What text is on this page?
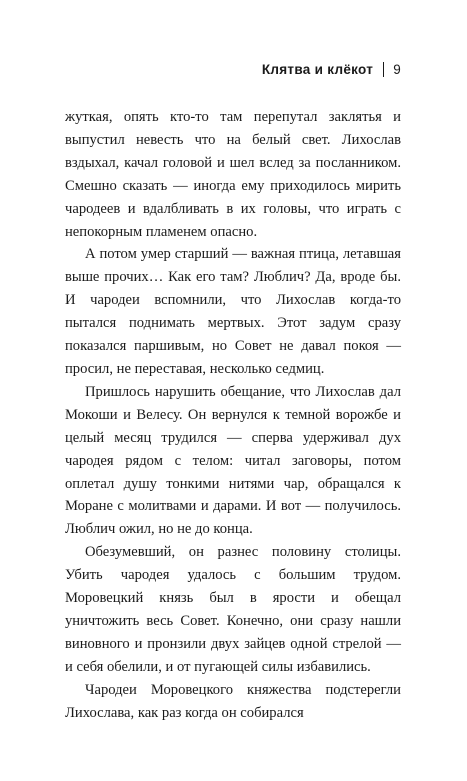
Клятва и клёкот 9

жуткая, опять кто-то там перепутал заклятья и выпустил невесть что на белый свет. Лихослав вздыхал, качал головой и шел вслед за посланником. Смешно сказать — иногда ему приходилось мирить чародеев и вдалбливать в их головы, что играть с непокорным пламенем опасно.

А потом умер старший — важная птица, летавшая выше прочих… Как его там? Люблич? Да, вроде бы. И чародеи вспомнили, что Лихослав когда-то пытался поднимать мертвых. Этот задум сразу показался паршивым, но Совет не давал покоя — просил, не переставая, несколько седмиц.

Пришлось нарушить обещание, что Лихослав дал Мокоши и Велесу. Он вернулся к темной ворожбе и целый месяц трудился — сперва удерживал дух чародея рядом с телом: читал заговоры, потом оплетал душу тонкими нитями чар, обращался к Моране с молитвами и дарами. И вот — получилось. Люблич ожил, но не до конца.

Обезумевший, он разнес половину столицы. Убить чародея удалось с большим трудом. Моровецкий князь был в ярости и обещал уничтожить весь Совет. Конечно, они сразу нашли виновного и пронзили двух зайцев одной стрелой — и себя обелили, и от пугающей силы избавились.

Чародеи Моровецкого княжества подстерегли Лихослава, как раз когда он собирался
